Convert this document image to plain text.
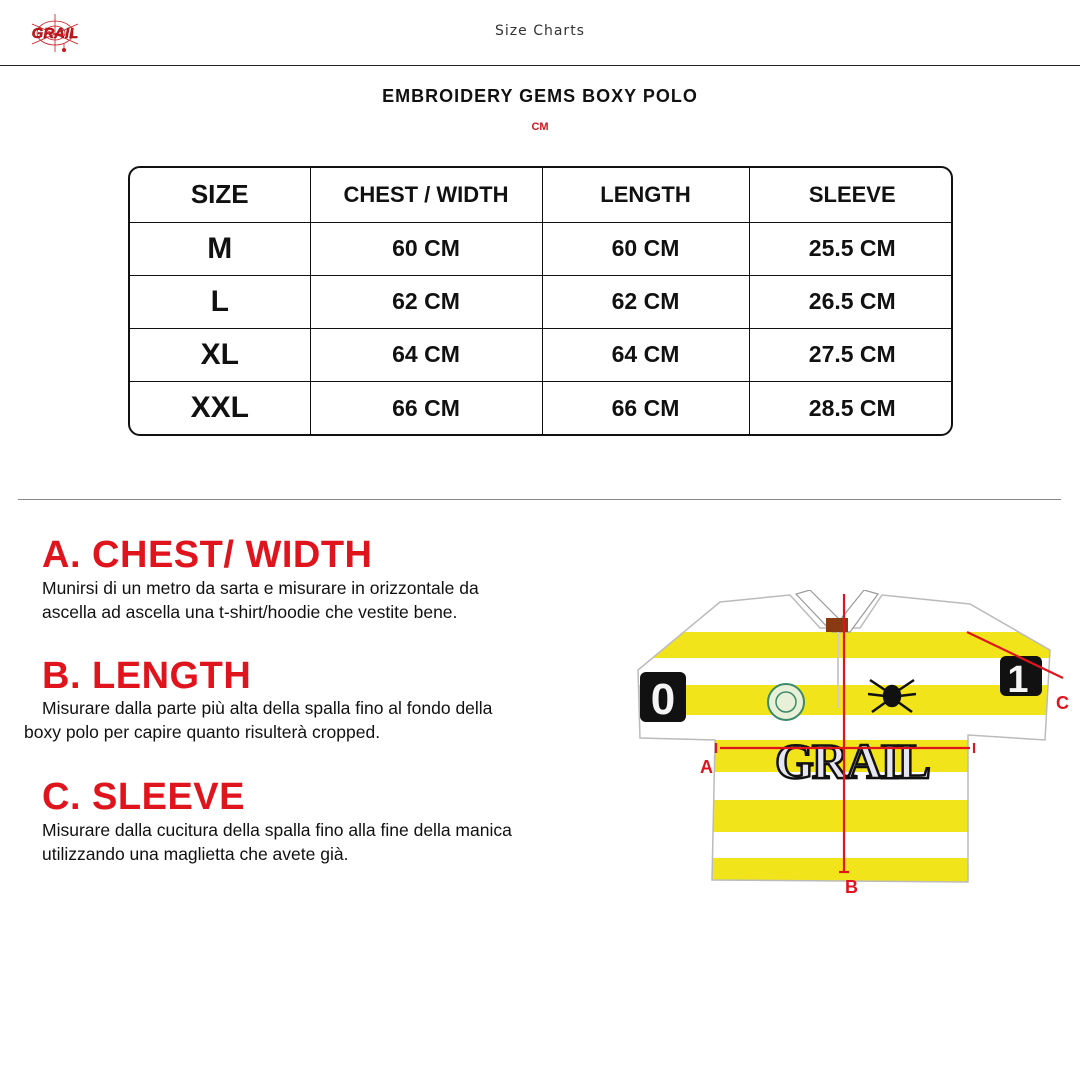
GRAIL	Size Charts
EMBROIDERY GEMS BOXY POLO
CM
SIZE	CHEST / WIDTH	LENGTH	SLEEVE
M	60 CM	60 CM	25.5 CM
L	62 CM	62 CM	26.5 CM
XL	64 CM	64 CM	27.5 CM
XXL	66 CM	66 CM	28.5 CM
A. CHEST/ WIDTH
Munirsi di un metro da sarta e misurare in orizzontale da
ascella ad ascella una t-shirt/hoodie che vestite bene.
B. LENGTH
Misurare dalla parte più alta della spalla fino al fondo della
boxy polo per capire quanto risulterà cropped.
C. SLEEVE
Misurare dalla cucitura della spalla fino alla fine della manica
utilizzando una maglietta che avete già.
0	1
GRAIL
A
B
C
